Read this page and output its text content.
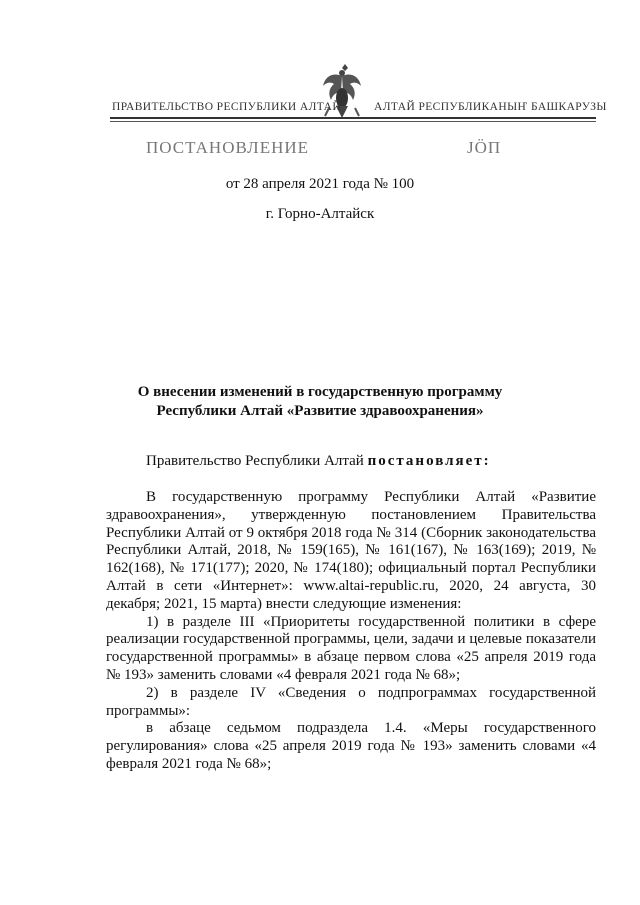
ПРАВИТЕЛЬСТВО РЕСПУБЛИКИ АЛТАЙ	АЛТАЙ РЕСПУБЛИКАНЫҤ БАШКАРУЗЫ
ПОСТАНОВЛЕНИЕ	JӦП
от 28 апреля 2021 года № 100
г. Горно-Алтайск
О внесении изменений в государственную программу
Республики Алтай «Развитие здравоохранения»
Правительство Республики Алтай постановляет:

В государственную программу Республики Алтай «Развитие здравоохранения», утвержденную постановлением Правительства Республики Алтай от 9 октября 2018 года № 314 (Сборник законодательства Республики Алтай, 2018, № 159(165), № 161(167), № 163(169); 2019, № 162(168), № 171(177); 2020, № 174(180); официальный портал Республики Алтай в сети «Интернет»: www.altai-republic.ru, 2020, 24 августа, 30 декабря; 2021, 15 марта) внести следующие изменения:

1) в разделе III «Приоритеты государственной политики в сфере реализации государственной программы, цели, задачи и целевые показатели государственной программы» в абзаце первом слова «25 апреля 2019 года № 193» заменить словами «4 февраля 2021 года № 68»;

2) в разделе IV «Сведения о подпрограммах государственной программы»:

в абзаце седьмом подраздела 1.4. «Меры государственного регулирования» слова «25 апреля 2019 года № 193» заменить словами «4 февраля 2021 года № 68»;
